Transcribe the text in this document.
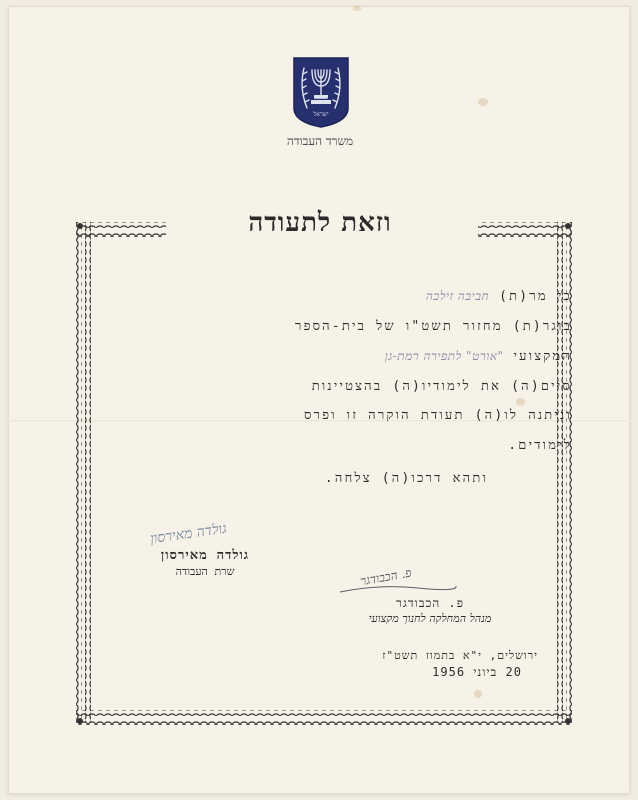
ישראל
משרד העבודה
וזאת לתעודה
כי מר(ת) חביבה זילכה
בוגר(ת) מחזור תשט"ו של בית-הספר
המקצועי "אורט" לתפירה רמת-גן
סיים(ה) את לימודיו(ה) בהצטיינות
וניתנה לו(ה) תעודת הוקרה זו ופרס
לימודים.
ותהא דרכו(ה) צלחה.
גולדה מאירסון
גולדה מאירסון
שרת העבודה	פ. הכבודגר
פ. הכבודגר
מנהל המחלקה לחנוך מקצועי
ירושלים, י"א בתמוז תשט"ז
20 ביוני 1956
